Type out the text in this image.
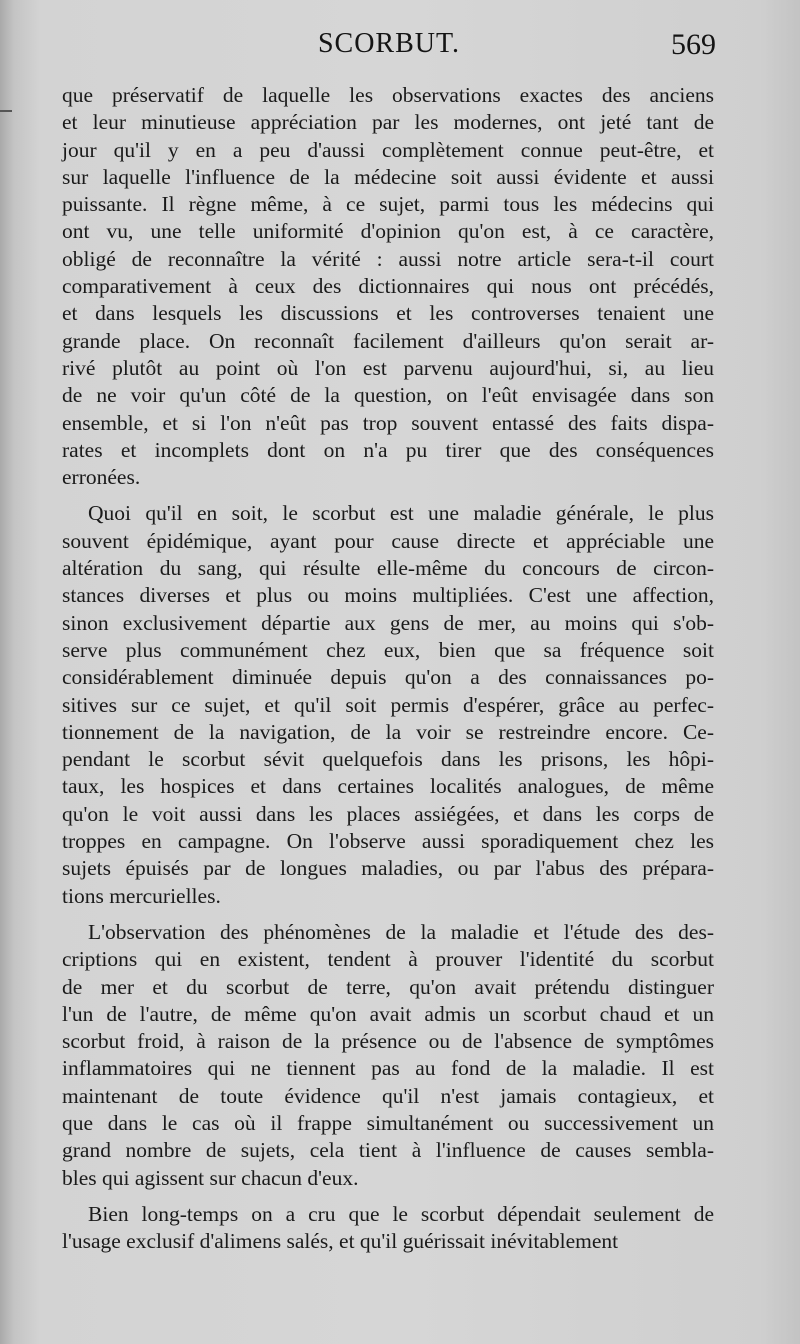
SCORBUT.	569
que préservatif de laquelle les observations exactes des anciens
et leur minutieuse appréciation par les modernes, ont jeté tant de
jour qu'il y en a peu d'aussi complètement connue peut-être, et
sur laquelle l'influence de la médecine soit aussi évidente et aussi
puissante. Il règne même, à ce sujet, parmi tous les médecins qui
ont vu, une telle uniformité d'opinion qu'on est, à ce caractère,
obligé de reconnaître la vérité : aussi notre article sera-t-il court
comparativement à ceux des dictionnaires qui nous ont précédés,
et dans lesquels les discussions et les controverses tenaient une
grande place. On reconnaît facilement d'ailleurs qu'on serait ar-
rivé plutôt au point où l'on est parvenu aujourd'hui, si, au lieu
de ne voir qu'un côté de la question, on l'eût envisagée dans son
ensemble, et si l'on n'eût pas trop souvent entassé des faits dispa-
rates et incomplets dont on n'a pu tirer que des conséquences
erronées.
Quoi qu'il en soit, le scorbut est une maladie générale, le plus
souvent épidémique, ayant pour cause directe et appréciable une
altération du sang, qui résulte elle-même du concours de circon-
stances diverses et plus ou moins multipliées. C'est une affection,
sinon exclusivement départie aux gens de mer, au moins qui s'ob-
serve plus communément chez eux, bien que sa fréquence soit
considérablement diminuée depuis qu'on a des connaissances po-
sitives sur ce sujet, et qu'il soit permis d'espérer, grâce au perfec-
tionnement de la navigation, de la voir se restreindre encore. Ce-
pendant le scorbut sévit quelquefois dans les prisons, les hôpi-
taux, les hospices et dans certaines localités analogues, de même
qu'on le voit aussi dans les places assiégées, et dans les corps de
troppes en campagne. On l'observe aussi sporadiquement chez les
sujets épuisés par de longues maladies, ou par l'abus des prépara-
tions mercurielles.
L'observation des phénomènes de la maladie et l'étude des des-
criptions qui en existent, tendent à prouver l'identité du scorbut
de mer et du scorbut de terre, qu'on avait prétendu distinguer
l'un de l'autre, de même qu'on avait admis un scorbut chaud et un
scorbut froid, à raison de la présence ou de l'absence de symptômes
inflammatoires qui ne tiennent pas au fond de la maladie. Il est
maintenant de toute évidence qu'il n'est jamais contagieux, et
que dans le cas où il frappe simultanément ou successivement un
grand nombre de sujets, cela tient à l'influence de causes sembla-
bles qui agissent sur chacun d'eux.
Bien long-temps on a cru que le scorbut dépendait seulement de
l'usage exclusif d'alimens salés, et qu'il guérissait inévitablement
